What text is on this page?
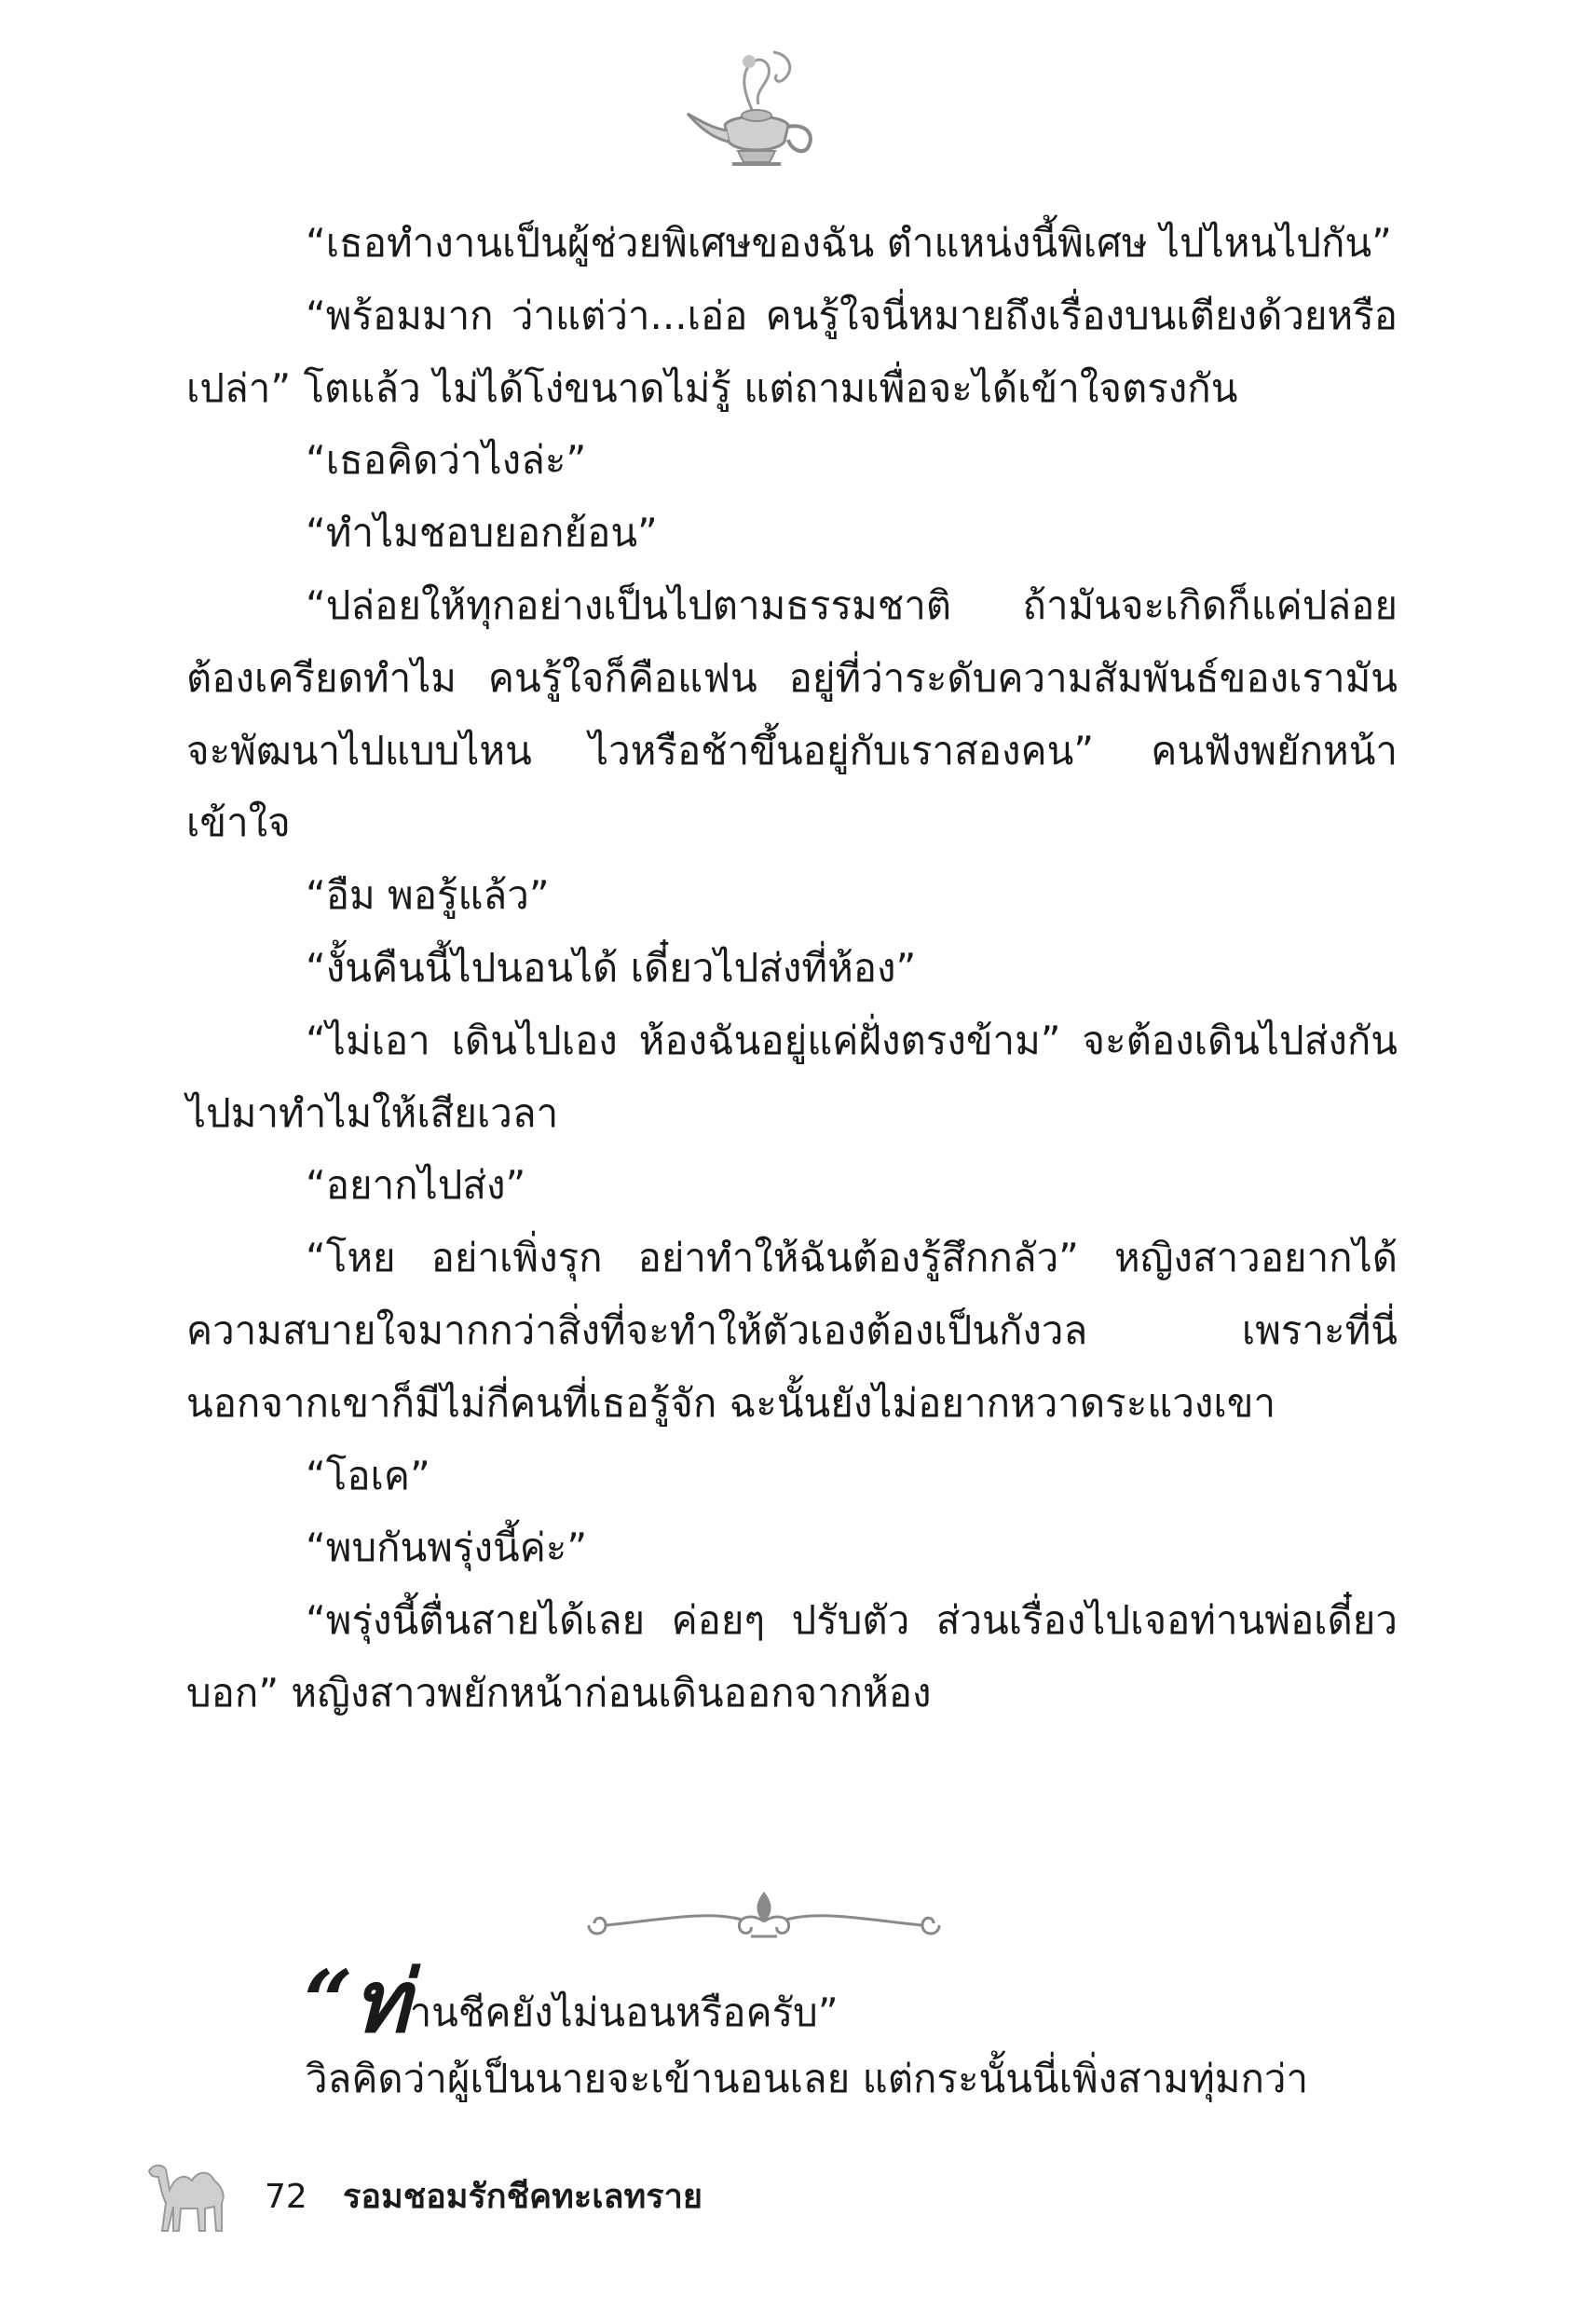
“เธอทำงานเป็นผู้ช่วยพิเศษของฉัน ตำแหน่งนี้พิเศษ ไปไหนไปกัน”

“พร้อมมาก ว่าแต่ว่า...เอ่อ คนรู้ใจนี่หมายถึงเรื่องบนเตียงด้วยหรือเปล่า” โตแล้ว ไม่ได้โง่ขนาดไม่รู้ แต่ถามเพื่อจะได้เข้าใจตรงกัน

“เธอคิดว่าไงล่ะ”

“ทำไมชอบยอกย้อน”

“ปล่อยให้ทุกอย่างเป็นไปตามธรรมชาติ ถ้ามันจะเกิดก็แค่ปล่อย ต้องเครียดทำไม คนรู้ใจก็คือแฟน อยู่ที่ว่าระดับความสัมพันธ์ของเรามันจะพัฒนาไปแบบไหน ไวหรือช้าขึ้นอยู่กับเราสองคน” คนฟังพยักหน้าเข้าใจ

“อืม พอรู้แล้ว”

“งั้นคืนนี้ไปนอนได้ เดี๋ยวไปส่งที่ห้อง”

“ไม่เอา เดินไปเอง ห้องฉันอยู่แค่ฝั่งตรงข้าม” จะต้องเดินไปส่งกันไปมาทำไมให้เสียเวลา

“อยากไปส่ง”

“โหย อย่าเพิ่งรุก อย่าทำให้ฉันต้องรู้สึกกลัว” หญิงสาวอยากได้ความสบายใจมากกว่าสิ่งที่จะทำให้ตัวเองต้องเป็นกังวล เพราะที่นี่นอกจากเขาก็มีไม่กี่คนที่เธอรู้จัก ฉะนั้นยังไม่อยากหวาดระแวงเขา

“โอเค”

“พบกันพรุ่งนี้ค่ะ”

“พรุ่งนี้ตื่นสายได้เลย ค่อยๆ ปรับตัว ส่วนเรื่องไปเจอท่านพ่อเดี๋ยวบอก” หญิงสาวพยักหน้าก่อนเดินออกจากห้อง

“ท่านชีคยังไม่นอนหรือครับ”

วิลคิดว่าผู้เป็นนายจะเข้านอนเลย แต่กระนั้นนี่เพิ่งสามทุ่มกว่า

72 รอมชอมรักชีคทะเลทราย
